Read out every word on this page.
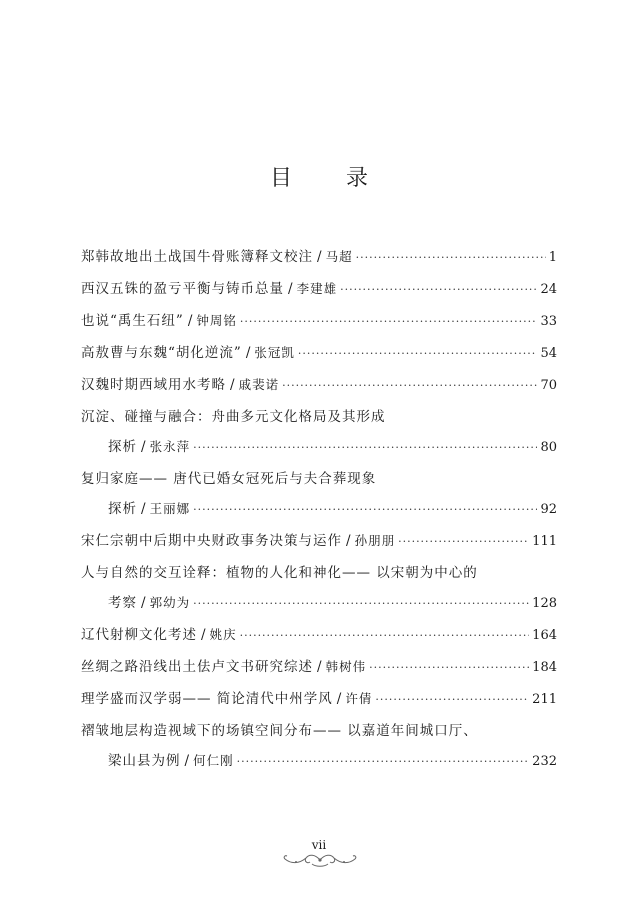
目 录
郑韩故地出土战国牛骨账簿释文校注 / 马超 ·····	1
西汉五铢的盈亏平衡与铸币总量 / 李建雄 ·····	24
也说“禹生石纽” / 钟周铭 ·····	33
高敖曹与东魏“胡化逆流” / 张冠凯 ·····	54
汉魏时期西域用水考略 / 戚裴诺 ·····	70
沉淀、碰撞与融合：舟曲多元文化格局及其形成
探析 / 张永萍 ·····	80
复归家庭—— 唐代已婚女冠死后与夫合葬现象
探析 / 王丽娜 ·····	92
宋仁宗朝中后期中央财政事务决策与运作 / 孙朋朋 ·····	111
人与自然的交互诠释：植物的人化和神化—— 以宋朝为中心的
考察 / 郭幼为 ·····	128
辽代射柳文化考述 / 姚庆 ·····	164
丝绸之路沿线出土佉卢文书研究综述 / 韩树伟 ·····	184
理学盛而汉学弱—— 简论清代中州学风 / 许倩 ·····	211
褶皱地层构造视域下的场镇空间分布—— 以嘉道年间城口厅、
梁山县为例 / 何仁刚 ·····	232
vii
